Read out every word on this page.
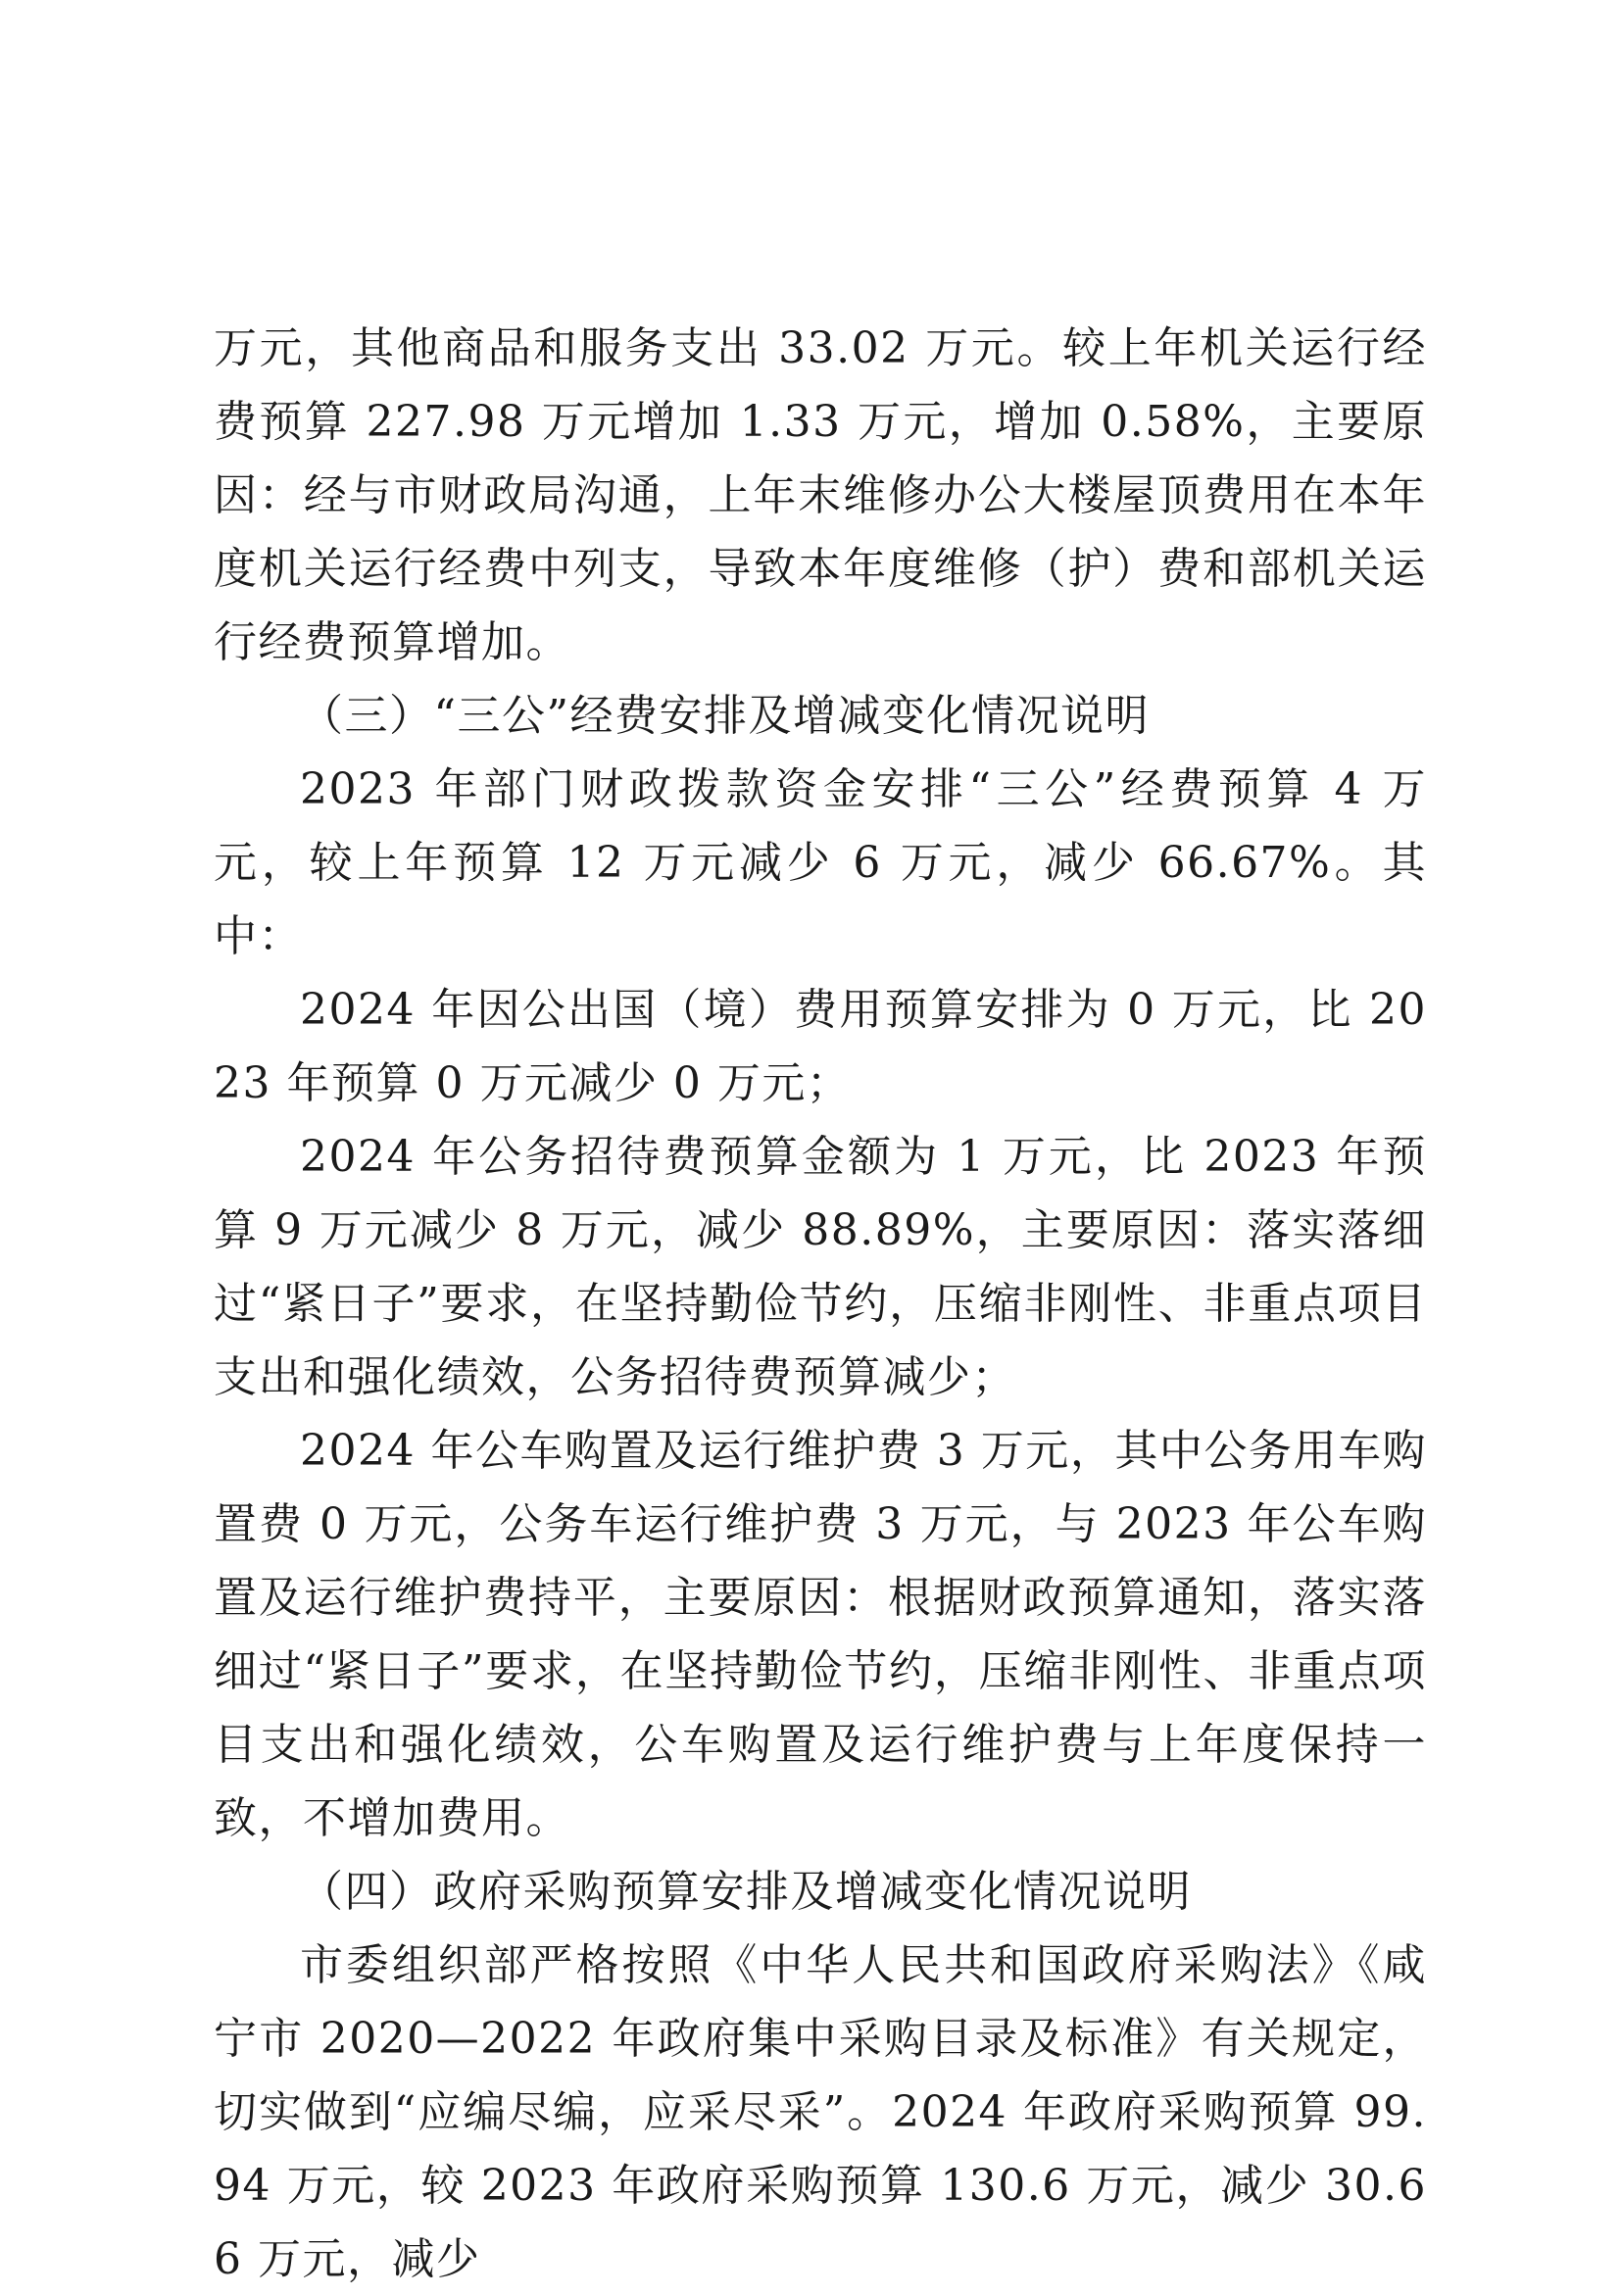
万元，其他商品和服务支出 33.02 万元。较上年机关运行经费预算 227.98 万元增加 1.33 万元，增加 0.58%，主要原因：经与市财政局沟通，上年末维修办公大楼屋顶费用在本年度机关运行经费中列支，导致本年度维修（护）费和部机关运行经费预算增加。

（三）“三公”经费安排及增减变化情况说明

2023 年部门财政拨款资金安排“三公”经费预算 4 万元，较上年预算 12 万元减少 6 万元，减少 66.67%。其中：

2024 年因公出国（境）费用预算安排为 0 万元，比 2023 年预算 0 万元减少 0 万元；

2024 年公务招待费预算金额为 1 万元，比 2023 年预算 9 万元减少 8 万元，减少 88.89%，主要原因：落实落细过“紧日子”要求，在坚持勤俭节约，压缩非刚性、非重点项目支出和强化绩效，公务招待费预算减少；

2024 年公车购置及运行维护费 3 万元，其中公务用车购置费 0 万元，公务车运行维护费 3 万元，与 2023 年公车购置及运行维护费持平，主要原因：根据财政预算通知，落实落细过“紧日子”要求，在坚持勤俭节约，压缩非刚性、非重点项目支出和强化绩效，公车购置及运行维护费与上年度保持一致，不增加费用。

（四）政府采购预算安排及增减变化情况说明

市委组织部严格按照《中华人民共和国政府采购法》《咸宁市 2020—2022 年政府集中采购目录及标准》有关规定，切实做到“应编尽编，应采尽采”。2024 年政府采购预算 99.94 万元，较 2023 年政府采购预算 130.6 万元，减少 30.66 万元，减少
